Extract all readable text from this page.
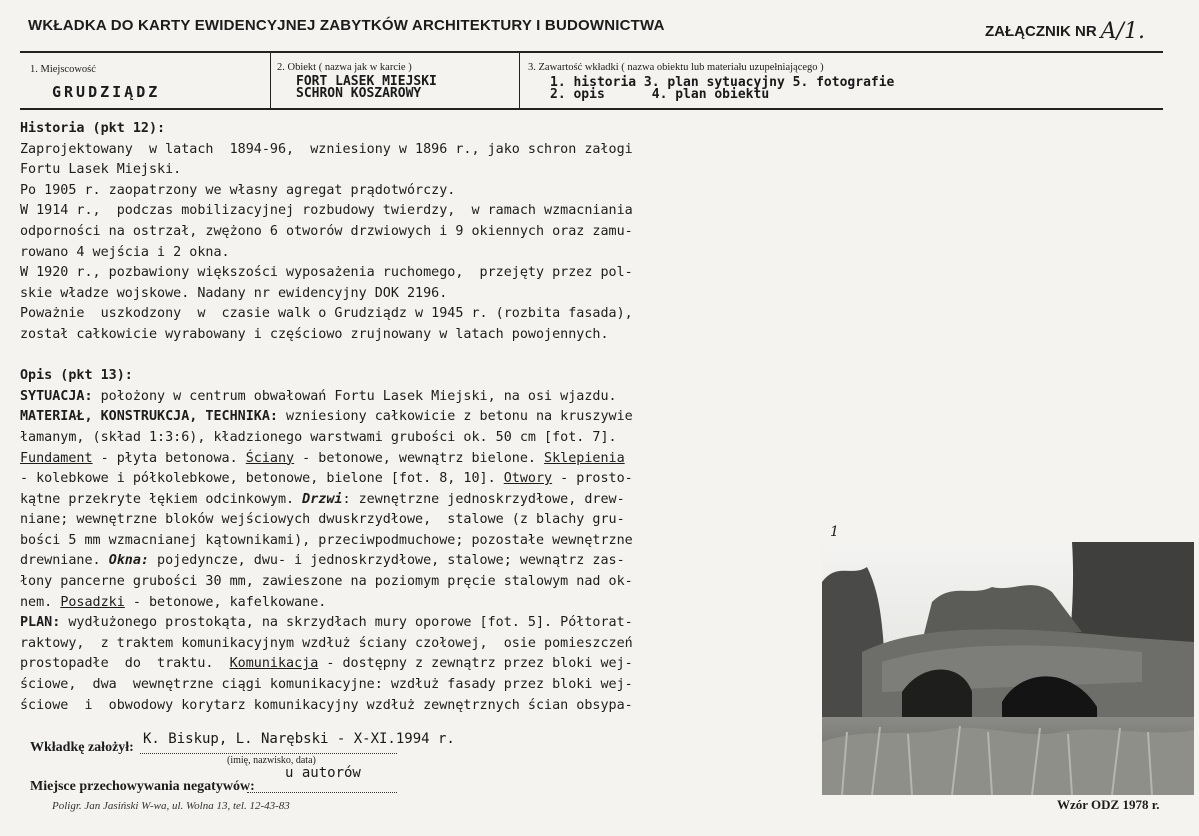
WKŁADKA DO KARTY EWIDENCYJNEJ ZABYTKÓW ARCHITEKTURY I BUDOWNICTWA	ZAŁĄCZNIK NR A/1.
1. Miejscowość
GRUDZIĄDZ
2. Obiekt ( nazwa jak w karcie )
FORT LASEK MIEJSKI
SCHRON KOSZAROWY
3. Zawartość wkładki ( nazwa obiektu lub materiału uzupełniającego )
1. historia 3. plan sytuacyjny 5. fotografie
2. opis      4. plan obiektu
Historia (pkt 12):
Zaprojektowany  w latach  1894-96,  wzniesiony w 1896 r., jako schron załogi
Fortu Lasek Miejski.
Po 1905 r. zaopatrzony we własny agregat prądotwórczy.
W 1914 r.,  podczas mobilizacyjnej rozbudowy twierdzy,  w ramach wzmacniania
odporności na ostrzał, zwężono 6 otworów drzwiowych i 9 okiennych oraz zamu-
rowano 4 wejścia i 2 okna.
W 1920 r., pozbawiony większości wyposażenia ruchomego,  przejęty przez pol-
skie władze wojskowe. Nadany nr ewidencyjny DOK 2196.
Poważnie  uszkodzony  w  czasie walk o Grudziądz w 1945 r. (rozbita fasada),
został całkowicie wyrabowany i częściowo zrujnowany w latach powojennych.
Opis (pkt 13):
SYTUACJA: położony w centrum obwałowań Fortu Lasek Miejski, na osi wjazdu.
MATERIAŁ, KONSTRUKCJA, TECHNIKA: wzniesiony całkowicie z betonu na kruszywie
łamanym, (skład 1:3:6), kładzionego warstwami grubości ok. 50 cm [fot. 7].
Fundament - płyta betonowa. Ściany - betonowe, wewnątrz bielone. Sklepienia
- kolebkowe i półkolebkowe, betonowe, bielone [fot. 8, 10]. Otwory - prosto-
kątne przekryte łękiem odcinkowym. Drzwi: zewnętrzne jednoskrzydłowe, drew-
niane; wewnętrzne bloków wejściowych dwuskrzydłowe,  stalowe (z blachy gru-
bości 5 mm wzmacnianej kątownikami), przeciwpodmuchowe; pozostałe wewnętrzne
drewniane. Okna: pojedyncze, dwu- i jednoskrzydłowe, stalowe; wewnątrz zas-
łony pancerne grubości 30 mm, zawieszone na poziomym pręcie stalowym nad ok-
nem. Posadzki - betonowe, kafelkowane.
PLAN: wydłużonego prostokąta, na skrzydłach mury oporowe [fot. 5]. Półtorat-
raktowy,  z traktem komunikacyjnym wzdłuż ściany czołowej,  osie pomieszczeń
prostopadłe  do  traktu.  Komunikacja - dostępny z zewnątrz przez bloki wej-
ściowe,  dwa  wewnętrzne ciągi komunikacyjne: wzdłuż fasady przez bloki wej-
ściowe  i  obwodowy korytarz komunikacyjny wzdłuż zewnętrznych ścian obsypa-
Wkładkę założył:
K. Biskup, L. Narębski - X-XI.1994 r.
(imię, nazwisko, data)
u autorów
Miejsce przechowywania negatywów:
Poligr. Jan Jasiński W-wa, ul. Wolna 13, tel. 12-43-83	Wzór ODZ 1978 r.
1
